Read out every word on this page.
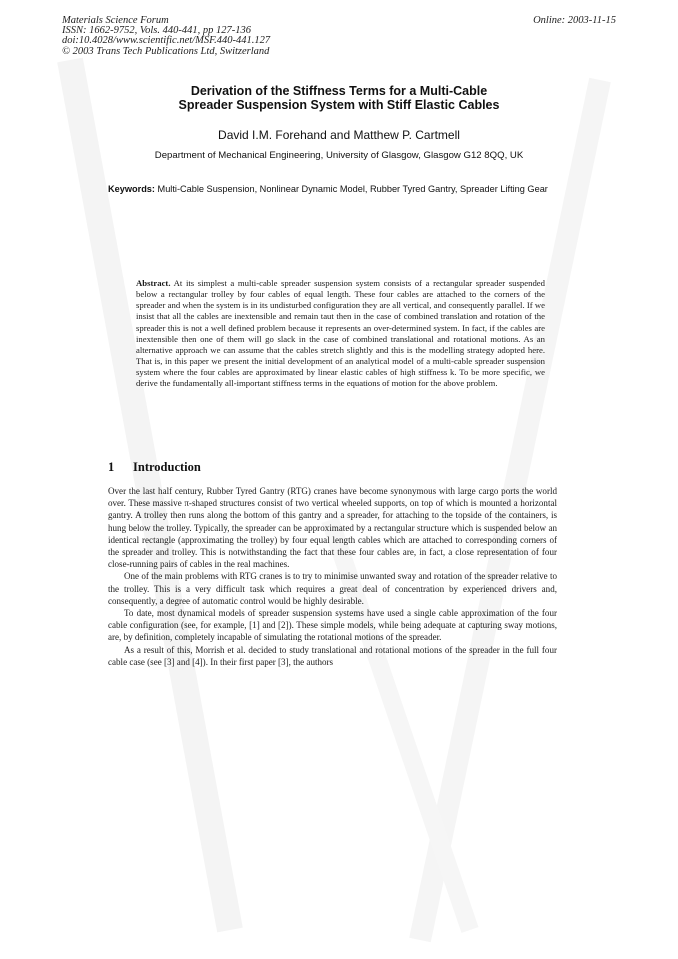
Materials Science Forum
ISSN: 1662-9752, Vols. 440-441, pp 127-136
doi:10.4028/www.scientific.net/MSF.440-441.127
© 2003 Trans Tech Publications Ltd, Switzerland
Online: 2003-11-15
Derivation of the Stiffness Terms for a Multi-Cable
Spreader Suspension System with Stiff Elastic Cables
David I.M. Forehand and Matthew P. Cartmell
Department of Mechanical Engineering, University of Glasgow, Glasgow G12 8QQ, UK
Keywords: Multi-Cable Suspension, Nonlinear Dynamic Model, Rubber Tyred Gantry, Spreader Lifting Gear
Abstract. At its simplest a multi-cable spreader suspension system consists of a rectangular spreader suspended below a rectangular trolley by four cables of equal length. These four cables are attached to the corners of the spreader and when the system is in its undisturbed configuration they are all vertical, and consequently parallel. If we insist that all the cables are inextensible and remain taut then in the case of combined translation and rotation of the spreader this is not a well defined problem because it represents an over-determined system. In fact, if the cables are inextensible then one of them will go slack in the case of combined translational and rotational motions. As an alternative approach we can assume that the cables stretch slightly and this is the modelling strategy adopted here. That is, in this paper we present the initial development of an analytical model of a multi-cable spreader suspension system where the four cables are approximated by linear elastic cables of high stiffness k. To be more specific, we derive the fundamentally all-important stiffness terms in the equations of motion for the above problem.
1 Introduction

Over the last half century, Rubber Tyred Gantry (RTG) cranes have become synonymous with large cargo ports the world over. These massive π-shaped structures consist of two vertical wheeled supports, on top of which is mounted a horizontal gantry. A trolley then runs along the bottom of this gantry and a spreader, for attaching to the topside of the containers, is hung below the trolley. Typically, the spreader can be approximated by a rectangular structure which is suspended below an identical rectangle (approximating the trolley) by four equal length cables which are attached to corresponding corners of the spreader and trolley. This is notwithstanding the fact that these four cables are, in fact, a close representation of four close-running pairs of cables in the real machines.

One of the main problems with RTG cranes is to try to minimise unwanted sway and rotation of the spreader relative to the trolley. This is a very difficult task which requires a great deal of concentration by experienced drivers and, consequently, a degree of automatic control would be highly desirable.

To date, most dynamical models of spreader suspension systems have used a single cable approximation of the four cable configuration (see, for example, [1] and [2]). These simple models, while being adequate at capturing sway motions, are, by definition, completely incapable of simulating the rotational motions of the spreader.

As a result of this, Morrish et al. decided to study translational and rotational motions of the spreader in the full four cable case (see [3] and [4]). In their first paper [3], the authors
